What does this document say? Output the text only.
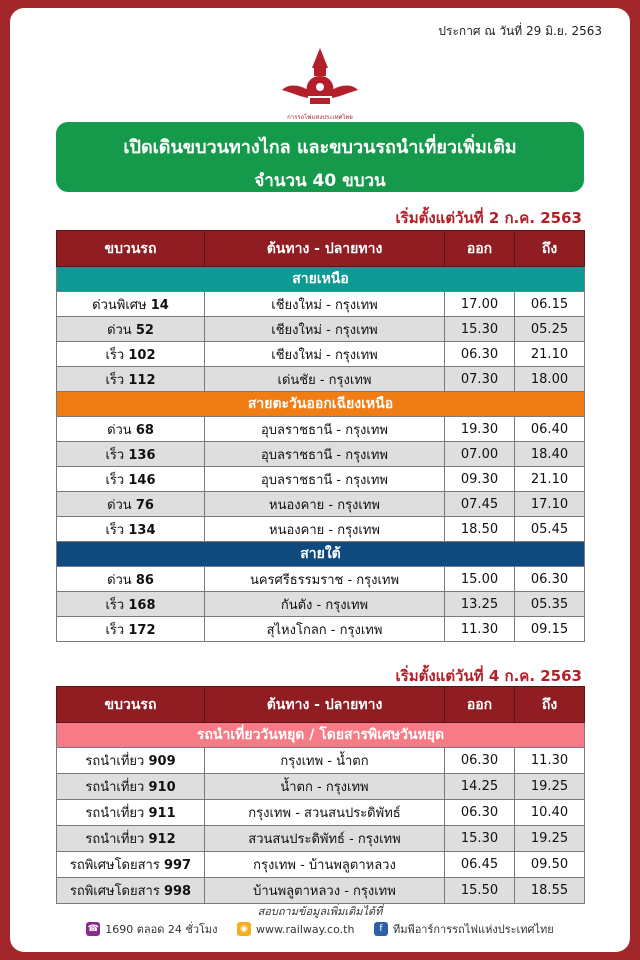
ประกาศ ณ วันที่ 29 มิ.ย. 2563
การรถไฟแห่งประเทศไทย
เปิดเดินขบวนทางไกล และขบวนรถนำเที่ยวเพิ่มเติม
จำนวน 40 ขบวน
เริ่มตั้งแต่วันที่ 2 ก.ค. 2563
ขบวนรถ	ต้นทาง - ปลายทาง	ออก	ถึง
สายเหนือ			
ด่วนพิเศษ 14	เชียงใหม่ - กรุงเทพ	17.00	06.15
ด่วน 52	เชียงใหม่ - กรุงเทพ	15.30	05.25
เร็ว 102	เชียงใหม่ - กรุงเทพ	06.30	21.10
เร็ว 112	เด่นชัย - กรุงเทพ	07.30	18.00
สายตะวันออกเฉียงเหนือ			
ด่วน 68	อุบลราชธานี - กรุงเทพ	19.30	06.40
เร็ว 136	อุบลราชธานี - กรุงเทพ	07.00	18.40
เร็ว 146	อุบลราชธานี - กรุงเทพ	09.30	21.10
ด่วน 76	หนองคาย - กรุงเทพ	07.45	17.10
เร็ว 134	หนองคาย - กรุงเทพ	18.50	05.45
สายใต้			
ด่วน 86	นครศรีธรรมราช - กรุงเทพ	15.00	06.30
เร็ว 168	กันตัง - กรุงเทพ	13.25	05.35
เร็ว 172	สุไหงโกลก - กรุงเทพ	11.30	09.15
เริ่มตั้งแต่วันที่ 4 ก.ค. 2563
ขบวนรถ	ต้นทาง - ปลายทาง	ออก	ถึง
รถนำเที่ยววันหยุด / โดยสารพิเศษวันหยุด			
รถนำเที่ยว 909	กรุงเทพ - น้ำตก	06.30	11.30
รถนำเที่ยว 910	น้ำตก - กรุงเทพ	14.25	19.25
รถนำเที่ยว 911	กรุงเทพ - สวนสนประดิพัทธ์	06.30	10.40
รถนำเที่ยว 912	สวนสนประดิพัทธ์ - กรุงเทพ	15.30	19.25
รถพิเศษโดยสาร 997	กรุงเทพ - บ้านพลูตาหลวง	06.45	09.50
รถพิเศษโดยสาร 998	บ้านพลูตาหลวง - กรุงเทพ	15.50	18.55
สอบถามข้อมูลเพิ่มเติมได้ที่
☎ 1690 ตลอด 24 ชั่วโมง
	◉ www.railway.co.th
	f ทีมพีอาร์การรถไฟแห่งประเทศไทย
